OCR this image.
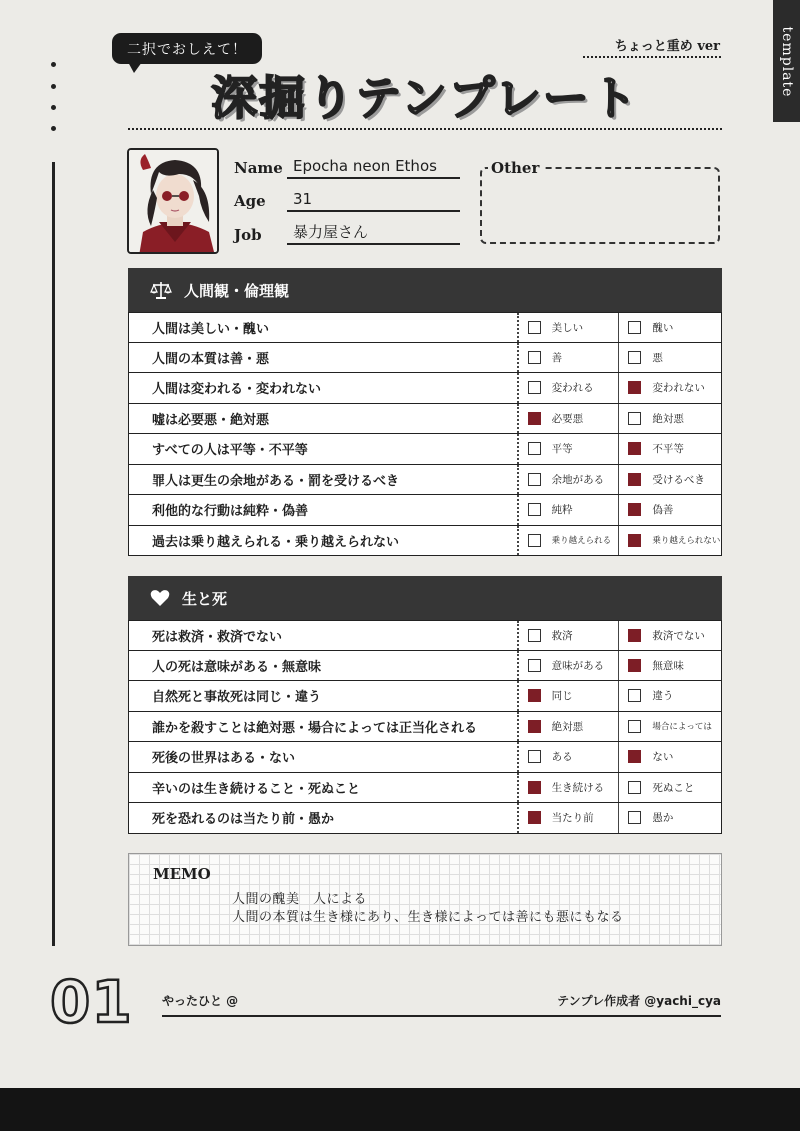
template
二択でおしえて！	ちょっと重め ver
深掘りテンプレート
Name Epocha neon Ethos
Age	31
Job	暴力屋さん
Other
人間観・倫理観
人間は美しい・醜い	美しい	醜い
人間の本質は善・悪	善	悪
人間は変われる・変われない	変われる	変われない
嘘は必要悪・絶対悪	必要悪	絶対悪
すべての人は平等・不平等	平等	不平等
罪人は更生の余地がある・罰を受けるべき	余地がある	受けるべき
利他的な行動は純粋・偽善	純粋	偽善
過去は乗り越えられる・乗り越えられない	乗り越えられる	乗り越えられない
生と死
死は救済・救済でない	救済	救済でない
人の死は意味がある・無意味	意味がある	無意味
自然死と事故死は同じ・違う	同じ	違う
誰かを殺すことは絶対悪・場合によっては正当化される	絶対悪	場合によっては
死後の世界はある・ない	ある	ない
辛いのは生き続けること・死ぬこと	生き続ける	死ぬこと
死を恐れるのは当たり前・愚か	当たり前	愚か
MEMO
人間の醜美　人による
人間の本質は生き様にあり、生き様によっては善にも悪にもなる
01 やったひと @	テンプレ作成者 @yachi_cya
